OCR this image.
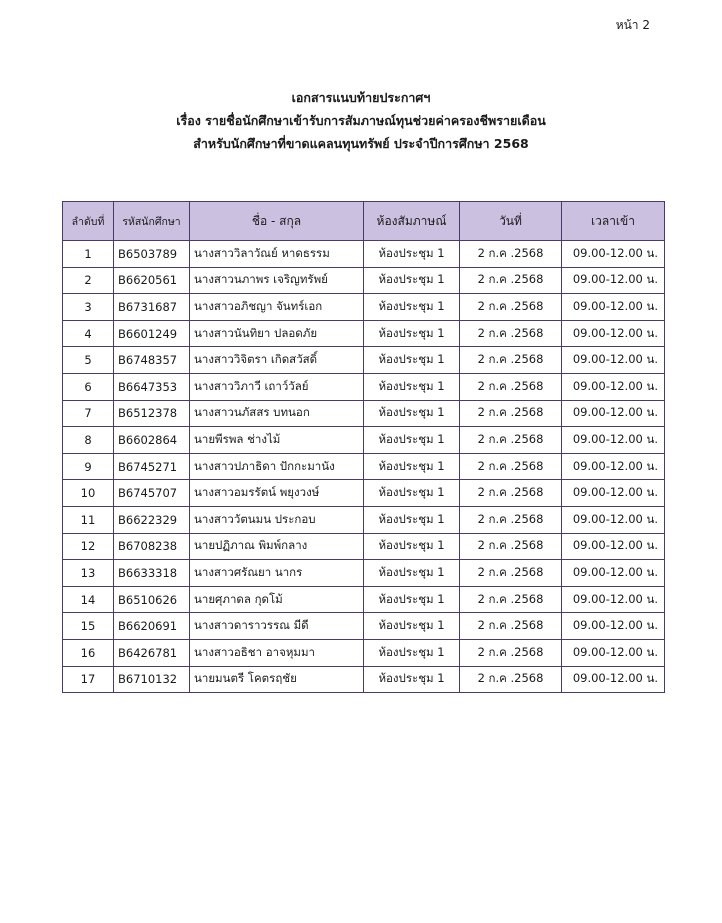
หน้า 2
เอกสารแนบท้ายประกาศฯ
เรื่อง รายชื่อนักศึกษาเข้ารับการสัมภาษณ์ทุนช่วยค่าครองชีพรายเดือน
สำหรับนักศึกษาที่ขาดแคลนทุนทรัพย์ ประจำปีการศึกษา 2568
ลำดับที่	รหัสนักศึกษา	ชื่อ - สกุล	ห้องสัมภาษณ์	วันที่	เวลาเข้า
1	B6503789	นางสาววิลาวัณย์ หาดธรรม	ห้องประชุม 1	2 ก.ค .2568	09.00-12.00 น.
2	B6620561	นางสาวนภาพร เจริญทรัพย์	ห้องประชุม 1	2 ก.ค .2568	09.00-12.00 น.
3	B6731687	นางสาวอภิชญา จันทร์เอก	ห้องประชุม 1	2 ก.ค .2568	09.00-12.00 น.
4	B6601249	นางสาวนันทิยา ปลอดภัย	ห้องประชุม 1	2 ก.ค .2568	09.00-12.00 น.
5	B6748357	นางสาววิจิตรา เกิดสวัสดิ์	ห้องประชุม 1	2 ก.ค .2568	09.00-12.00 น.
6	B6647353	นางสาววิภาวี เถาว์วัลย์	ห้องประชุม 1	2 ก.ค .2568	09.00-12.00 น.
7	B6512378	นางสาวนภัสสร บทนอก	ห้องประชุม 1	2 ก.ค .2568	09.00-12.00 น.
8	B6602864	นายพีรพล ช่างไม้	ห้องประชุม 1	2 ก.ค .2568	09.00-12.00 น.
9	B6745271	นางสาวปภาธิดา ปักกะมานัง	ห้องประชุม 1	2 ก.ค .2568	09.00-12.00 น.
10	B6745707	นางสาวอมรรัตน์ พยุงวงษ์	ห้องประชุม 1	2 ก.ค .2568	09.00-12.00 น.
11	B6622329	นางสาววัตนมน ประกอบ	ห้องประชุม 1	2 ก.ค .2568	09.00-12.00 น.
12	B6708238	นายปฏิภาณ พิมพ์กลาง	ห้องประชุม 1	2 ก.ค .2568	09.00-12.00 น.
13	B6633318	นางสาวศรัณยา นากร	ห้องประชุม 1	2 ก.ค .2568	09.00-12.00 น.
14	B6510626	นายศุภาดล กุดโม้	ห้องประชุม 1	2 ก.ค .2568	09.00-12.00 น.
15	B6620691	นางสาวดาราวรรณ มีดี	ห้องประชุม 1	2 ก.ค .2568	09.00-12.00 น.
16	B6426781	นางสาวอธิชา อาจหุมมา	ห้องประชุม 1	2 ก.ค .2568	09.00-12.00 น.
17	B6710132	นายมนตรี โคตรฤชัย	ห้องประชุม 1	2 ก.ค .2568	09.00-12.00 น.
